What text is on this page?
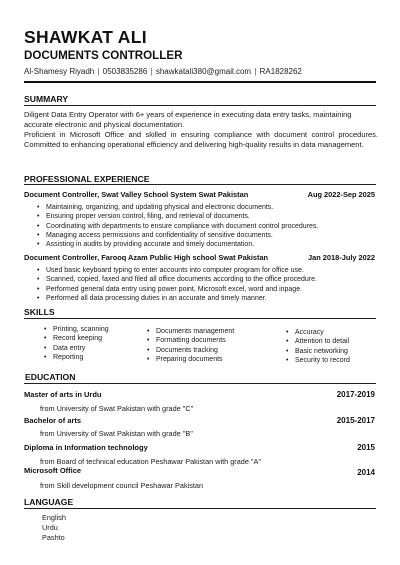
SHAWKAT ALI
DOCUMENTS CONTROLLER
Al-Shamesy Riyadh | 0503835286 | shawkatali380@gmail.com | RA1828262
SUMMARY
Diligent Data Entry Operator with 6+ years of experience in executing data entry tasks, maintaining accurate electronic and physical documentation.
Proficient in Microsoft Office and skilled in ensuring compliance with document control procedures. Committed to enhancing operational efficiency and delivering high-quality results in data management.
PROFESSIONAL EXPERIENCE
Document Controller, Swat Valley School System Swat Pakistan	Aug 2022-Sep 2025
• Maintaining, organizing, and updating physical and electronic documents.
• Ensuring proper version control, filing, and retrieval of documents.
• Coordinating with departments to ensure compliance with document control procedures.
• Managing access permissions and confidentiality of sensitive documents.
• Assisting in audits by providing accurate and timely documentation.
Document Controller, Farooq Azam Public High school Swat Pakistan	Jan 2018-July 2022
• Used basic keyboard typing to enter accounts into computer program for office use.
• Scanned, copied, faxed and filed all office documents according to the office procedure.
• Performed general data entry using power point, Microsoft excel, word and inpage.
• Performed all data processing duties in an accurate and timely manner.
SKILLS
• Printing, scanning
• Record keeping
• Data entry
• Reporting
• Documents management
• Formatting documents
• Documents tracking
• Preparing documents
• Accuracy
• Attention to detail
• Basic networking
• Security to record
EDUCATION
Master of arts in Urdu	2017-2019
from University of Swat Pakistan with grade "C"
Bachelor of arts	2015-2017
from University of Swat Pakistan with grade "B"
Diploma in Information technology	2015
from Board of technical education Peshawar Pakistan with grade "A"
Microsoft Office	2014
from Skill development council Peshawar Pakistan
LANGUAGE
English
Urdu
Pashto
